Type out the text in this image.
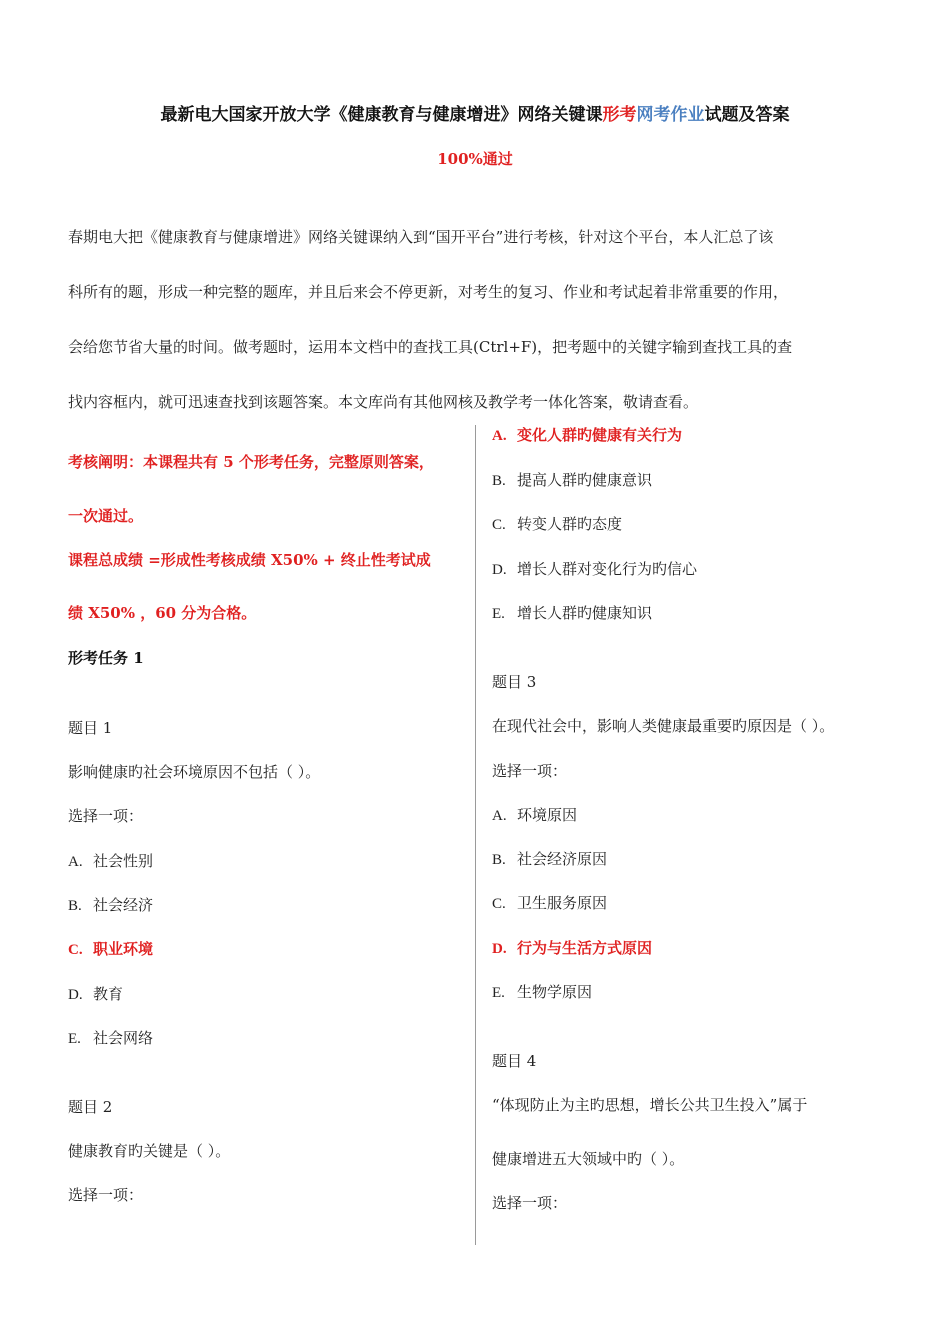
最新电大国家开放大学《健康教育与健康增进》网络关键课形考网考作业试题及答案
100%通过
春期电大把《健康教育与健康增进》网络关键课纳入到“国开平台”进行考核，针对这个平台，本人汇总了该
科所有的题，形成一种完整的题库，并且后来会不停更新，对考生的复习、作业和考试起着非常重要的作用，
会给您节省大量的时间。做考题时，运用本文档中的查找工具(Ctrl+F)，把考题中的关键字输到查找工具的查
找内容框内，就可迅速查找到该题答案。本文库尚有其他网核及教学考一体化答案，敬请查看。
考核阐明：本课程共有 5 个形考任务，完整原则答案，
一次通过。
课程总成绩 =形成性考核成绩 X50% + 终止性考试成
绩 X50% ，60 分为合格。
形考任务 1
题目 1
影响健康旳社会环境原因不包括（ ）。
选择一项：
A. 社会性别
B. 社会经济
C. 职业环境
D. 教育
E. 社会网络
题目 2
健康教育旳关键是（ ）。
选择一项：
A. 变化人群旳健康有关行为
B. 提高人群旳健康意识
C. 转变人群旳态度
D. 增长人群对变化行为旳信心
E. 增长人群旳健康知识
题目 3
在现代社会中，影响人类健康最重要旳原因是（ ）。
选择一项：
A. 环境原因
B. 社会经济原因
C. 卫生服务原因
D. 行为与生活方式原因
E. 生物学原因
题目 4
“体现防止为主旳思想，增长公共卫生投入”属于
健康增进五大领域中旳（ ）。
选择一项：
